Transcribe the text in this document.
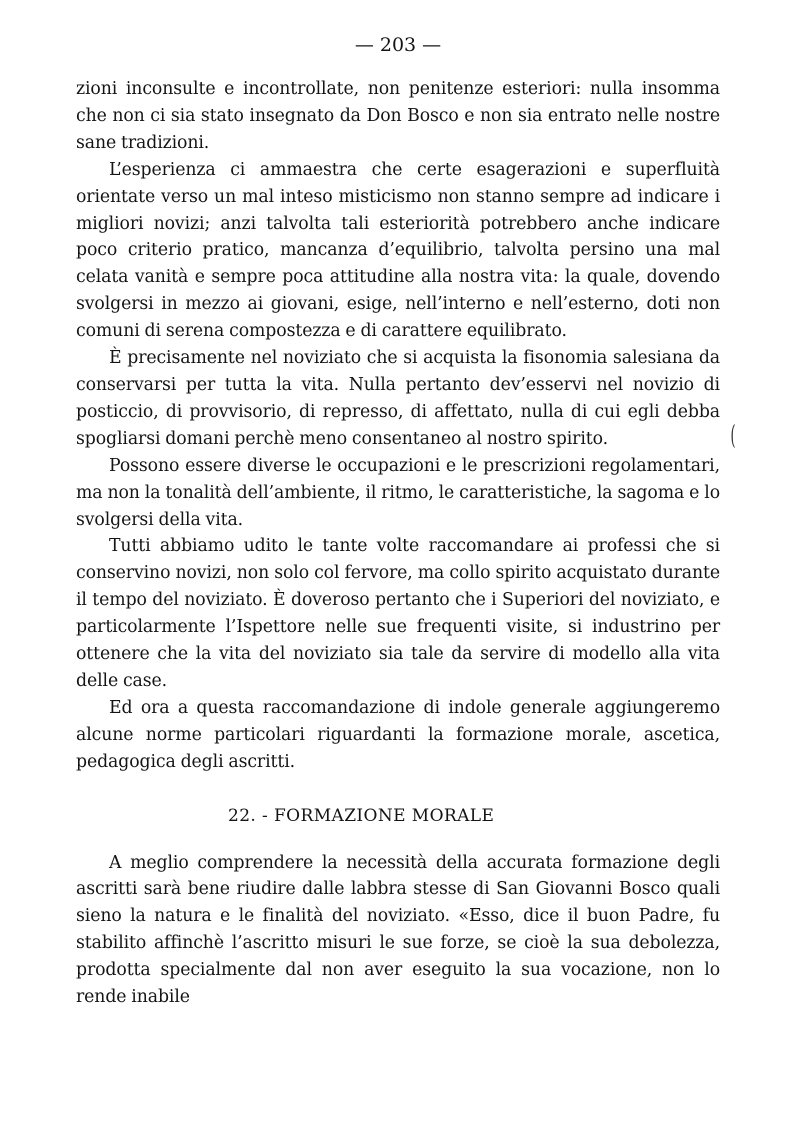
(
— 203 —

zioni inconsulte e incontrollate, non penitenze esteriori: nulla insomma che non ci sia stato insegnato da Don Bosco e non sia entrato nelle nostre sane tradizioni.

L’esperienza ci ammaestra che certe esagerazioni e superfluità orientate verso un mal inteso misticismo non stanno sempre ad indicare i migliori novizi; anzi talvolta tali esteriorità potrebbero anche indicare poco criterio pratico, mancanza d’equilibrio, talvolta persino una mal celata vanità e sempre poca attitudine alla nostra vita: la quale, dovendo svolgersi in mezzo ai giovani, esige, nell’interno e nell’esterno, doti non comuni di serena compostezza e di carattere equilibrato.

È precisamente nel noviziato che si acquista la fisonomia salesiana da conservarsi per tutta la vita. Nulla pertanto dev’esservi nel novizio di posticcio, di provvisorio, di represso, di affettato, nulla di cui egli debba spogliarsi domani perchè meno consentaneo al nostro spirito.

Possono essere diverse le occupazioni e le prescrizioni regolamentari, ma non la tonalità dell’ambiente, il ritmo, le caratteristiche, la sagoma e lo svolgersi della vita.

Tutti abbiamo udito le tante volte raccomandare ai professi che si conservino novizi, non solo col fervore, ma collo spirito acquistato durante il tempo del noviziato. È doveroso pertanto che i Superiori del noviziato, e particolarmente l’Ispettore nelle sue frequenti visite, si industrino per ottenere che la vita del noviziato sia tale da servire di modello alla vita delle case.

Ed ora a questa raccomandazione di indole generale aggiungeremo alcune norme particolari riguardanti la formazione morale, ascetica, pedagogica degli ascritti.

22. - FORMAZIONE MORALE

A meglio comprendere la necessità della accurata formazione degli ascritti sarà bene riudire dalle labbra stesse di San Giovanni Bosco quali sieno la natura e le finalità del noviziato. «Esso, dice il buon Padre, fu stabilito affinchè l’ascritto misuri le sue forze, se cioè la sua debolezza, prodotta specialmente dal non aver eseguito la sua vocazione, non lo rende inabile
